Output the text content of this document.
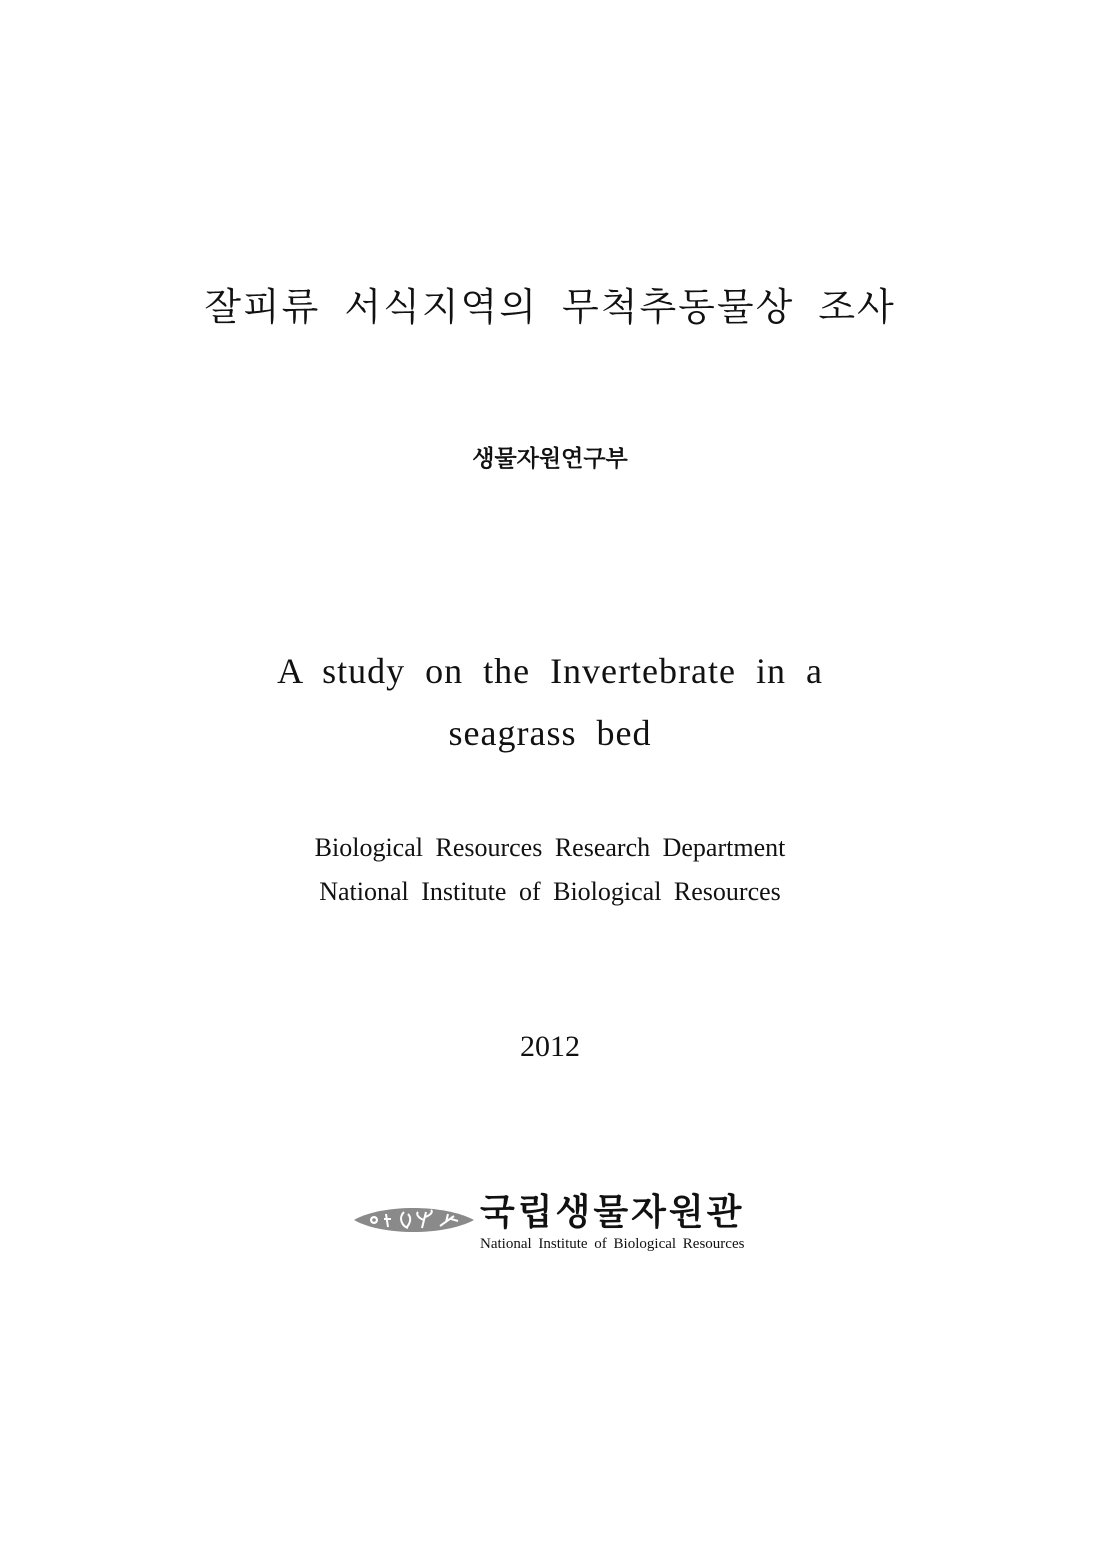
잘피류 서식지역의 무척추동물상 조사
생물자원연구부
A study on the Invertebrate in a
seagrass bed
Biological Resources Research Department
National Institute of Biological Resources
2012
국립생물자원관
National Institute of Biological Resources
